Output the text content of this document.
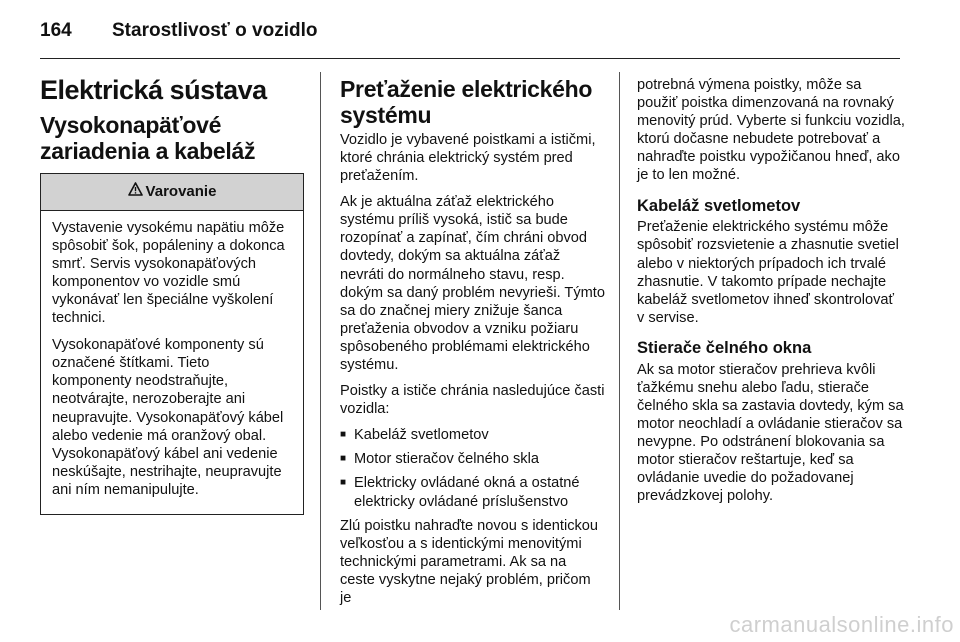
164 Starostlivosť o vozidlo
Elektrická sústava
Vysokonapäťové
zariadenia a kabeláž
Varovanie

Vystavenie vysokému napätiu môže spôsobiť šok, popáleniny a dokonca smrť. Servis vysokonapäťových komponentov vo vozidle smú vykonávať len špeciálne vyškolení technici.

Vysokonapäťové komponenty sú označené štítkami. Tieto komponenty neodstraňujte, neotvárajte, nerozoberajte ani neupravujte. Vysokonapäťový kábel alebo vedenie má oranžový obal. Vysokonapäťový kábel ani vedenie neskúšajte, nestrihajte, neupravujte ani ním nemanipulujte.

Preťaženie elektrického
systému

Vozidlo je vybavené poistkami a ističmi, ktoré chránia elektrický systém pred preťažením.

Ak je aktuálna záťaž elektrického systému príliš vysoká, istič sa bude rozopínať a zapínať, čím chráni obvod dovtedy, dokým sa aktuálna záťaž nevráti do normálneho stavu, resp. dokým sa daný problém nevyrieši. Týmto sa do značnej miery znižuje šanca preťaženia obvodov a vzniku požiaru spôsobeného problémami elektrického systému.

Poistky a ističe chránia nasledujúce časti vozidla:

■ Kabeláž svetlometov
■ Motor stieračov čelného skla
■ Elektricky ovládané okná a ostatné elektricky ovládané príslušenstvo

Zlú poistku nahraďte novou s identickou veľkosťou a s identickými menovitými technickými parametrami. Ak sa na ceste vyskytne nejaký problém, pričom je

potrebná výmena poistky, môže sa použiť poistka dimenzovaná na rovnaký menovitý prúd. Vyberte si funkciu vozidla, ktorú dočasne nebudete potrebovať a nahraďte poistku vypožičanou hneď, ako je to len možné.

Kabeláž svetlometov

Preťaženie elektrického systému môže spôsobiť rozsvietenie a zhasnutie svetiel alebo v niektorých prípadoch ich trvalé zhasnutie. V takomto prípade nechajte kabeláž svetlometov ihneď skontrolovať v servise.

Stierače čelného okna

Ak sa motor stieračov prehrieva kvôli ťažkému snehu alebo ľadu, stierače čelného skla sa zastavia dovtedy, kým sa motor neochladí a ovládanie stieračov sa nevypne. Po odstránení blokovania sa motor stieračov reštartuje, keď sa ovládanie uvedie do požadovanej prevádzkovej polohy.

carmanualsonline.info
